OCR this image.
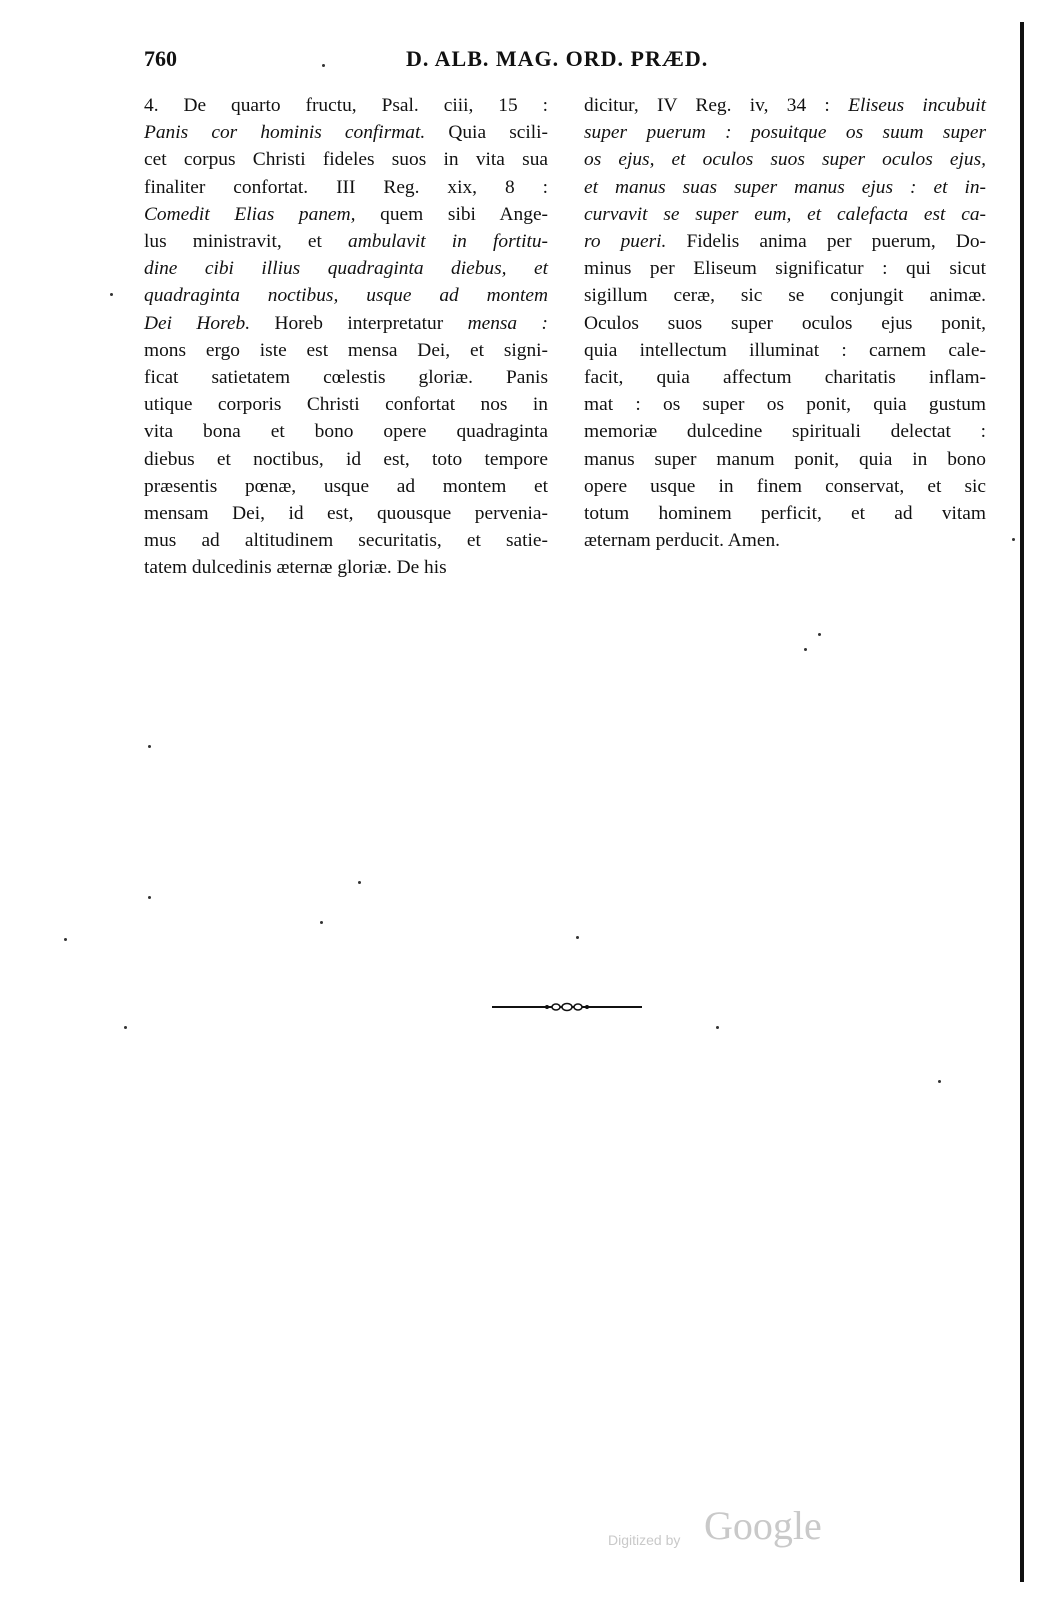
760	D. ALB. MAG. ORD. PRÆD.
4. De quarto fructu, Psal. ciii, 15 :
Panis cor hominis confirmat. Quia scili-
cet corpus Christi fideles suos in vita sua
finaliter confortat. III Reg. xix, 8 :
Comedit Elias panem, quem sibi Ange-
lus ministravit, et ambulavit in fortitu-
dine cibi illius quadraginta diebus, et
quadraginta noctibus, usque ad montem
Dei Horeb. Horeb interpretatur mensa :
mons ergo iste est mensa Dei, et signi-
ficat satietatem cœlestis gloriæ. Panis
utique corporis Christi confortat nos in
vita bona et bono opere quadraginta
diebus et noctibus, id est, toto tempore
præsentis pœnæ, usque ad montem et
mensam Dei, id est, quousque pervenia-
mus ad altitudinem securitatis, et satie-
tatem dulcedinis æternæ gloriæ. De his
dicitur, IV Reg. iv, 34 : Eliseus incubuit
super puerum : posuitque os suum super
os ejus, et oculos suos super oculos ejus,
et manus suas super manus ejus : et in-
curvavit se super eum, et calefacta est ca-
ro pueri. Fidelis anima per puerum, Do-
minus per Eliseum significatur : qui sicut
sigillum ceræ, sic se conjungit animæ.
Oculos suos super oculos ejus ponit,
quia intellectum illuminat : carnem cale-
facit, quia affectum charitatis inflam-
mat : os super os ponit, quia gustum
memoriæ dulcedine spirituali delectat :
manus super manum ponit, quia in bono
opere usque in finem conservat, et sic
totum hominem perficit, et ad vitam
æternam perducit. Amen.
Digitized by Google
